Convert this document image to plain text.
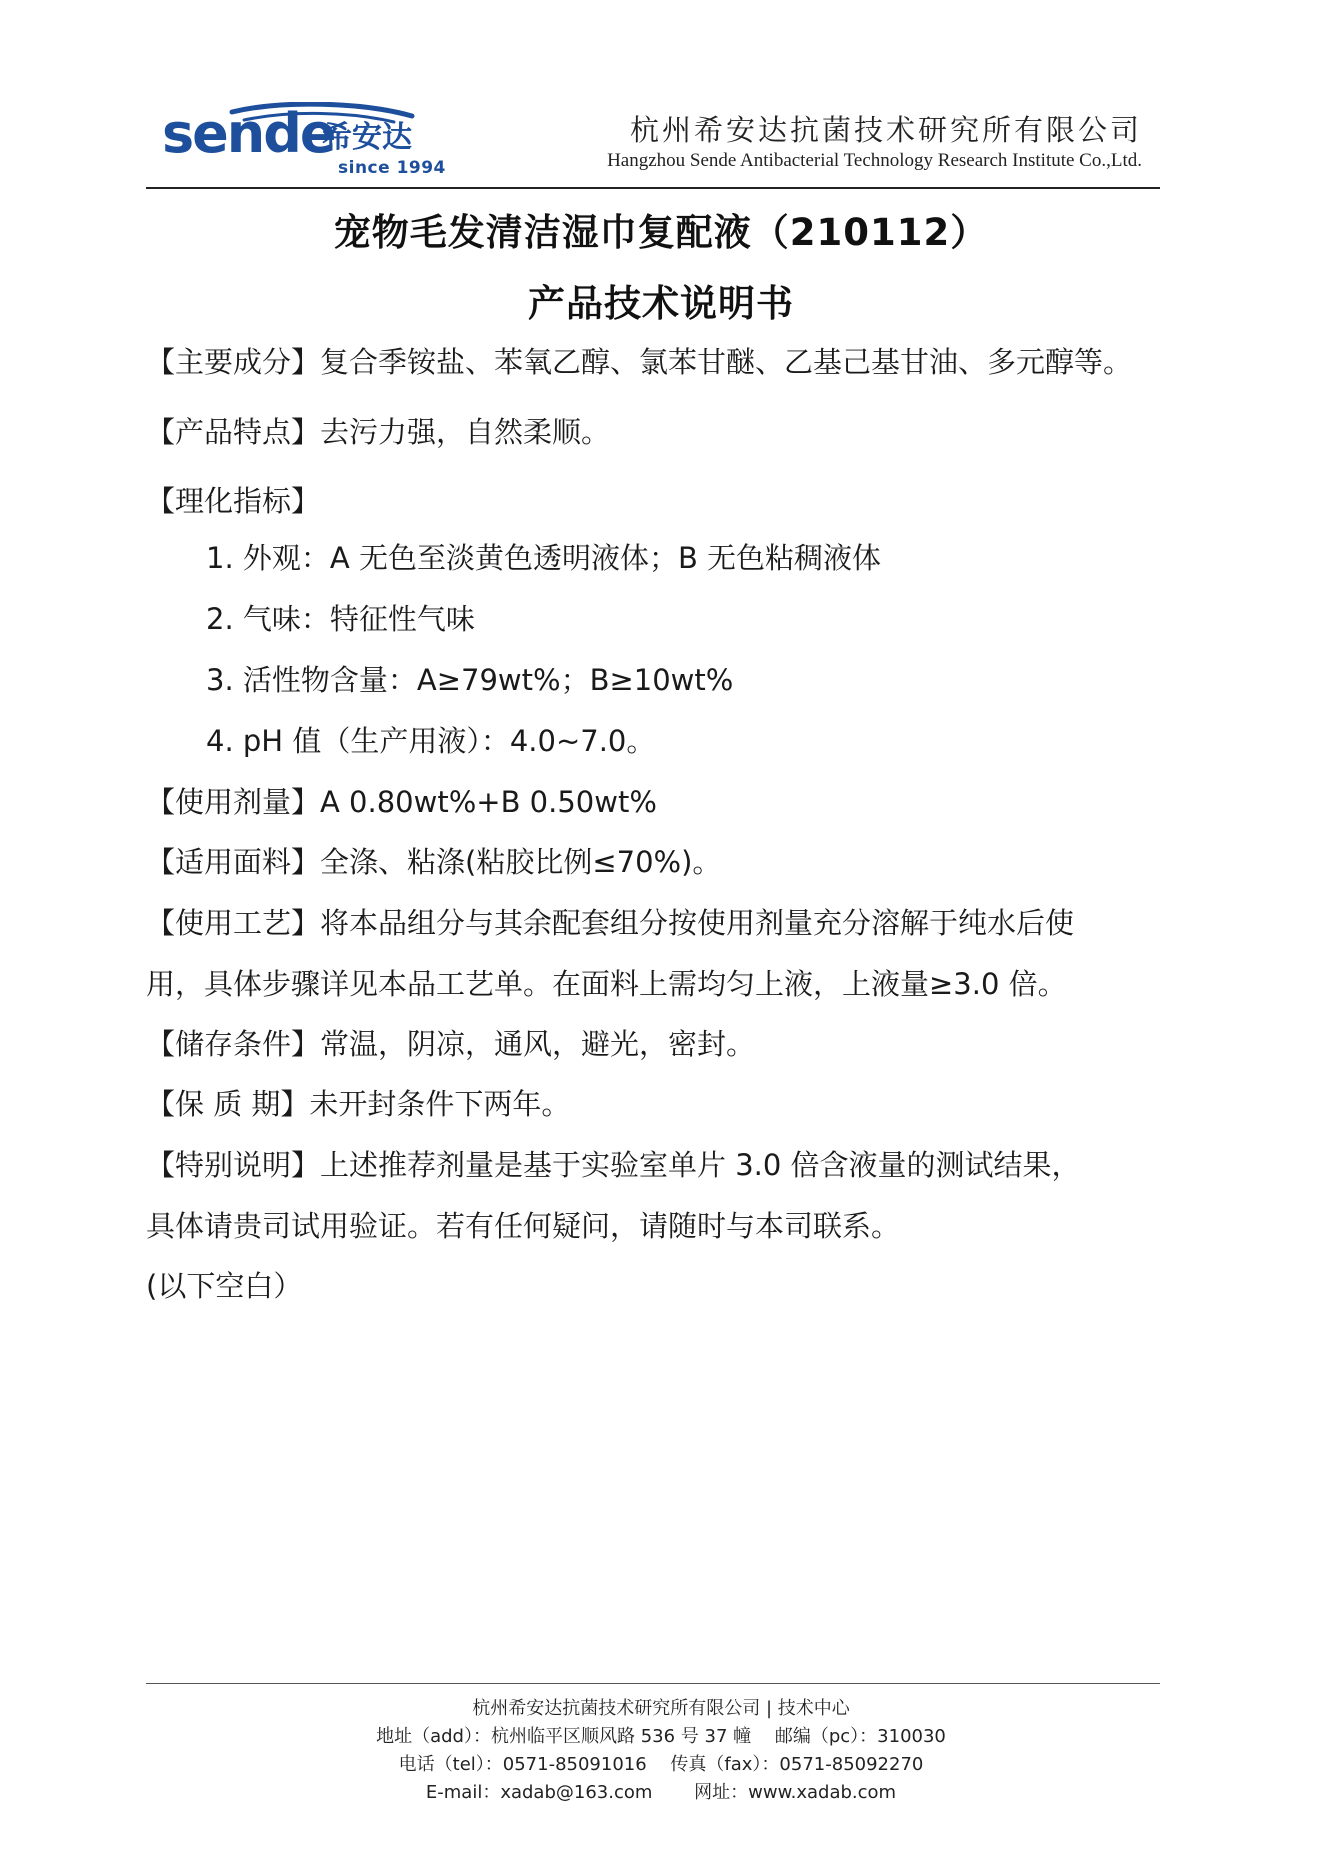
sende
希安达
since 1994
杭州希安达抗菌技术研究所有限公司
Hangzhou Sende Antibacterial Technology Research Institute Co.,Ltd.
宠物毛发清洁湿巾复配液（210112）
产品技术说明书
【主要成分】复合季铵盐、苯氧乙醇、氯苯甘醚、乙基己基甘油、多元醇等。
【产品特点】去污力强，自然柔顺。
【理化指标】
1. 外观：A 无色至淡黄色透明液体；B 无色粘稠液体
2. 气味：特征性气味
3. 活性物含量：A≥79wt%；B≥10wt%
4. pH 值（生产用液）：4.0~7.0。
【使用剂量】A 0.80wt%+B 0.50wt%
【适用面料】全涤、粘涤(粘胶比例≤70%)。
【使用工艺】将本品组分与其余配套组分按使用剂量充分溶解于纯水后使
用，具体步骤详见本品工艺单。在面料上需均匀上液，上液量≥3.0 倍。
【储存条件】常温，阴凉，通风，避光，密封。
【保 质 期】未开封条件下两年。
【特别说明】上述推荐剂量是基于实验室单片 3.0 倍含液量的测试结果，
具体请贵司试用验证。若有任何疑问，请随时与本司联系。
(以下空白）
杭州希安达抗菌技术研究所有限公司 | 技术中心
地址（add）：杭州临平区顺风路 536 号 37 幢　 邮编（pc）：310030
电话（tel）：0571-85091016　 传真（fax）：0571-85092270
E-mail：xadab@163.com　　 网址：www.xadab.com
